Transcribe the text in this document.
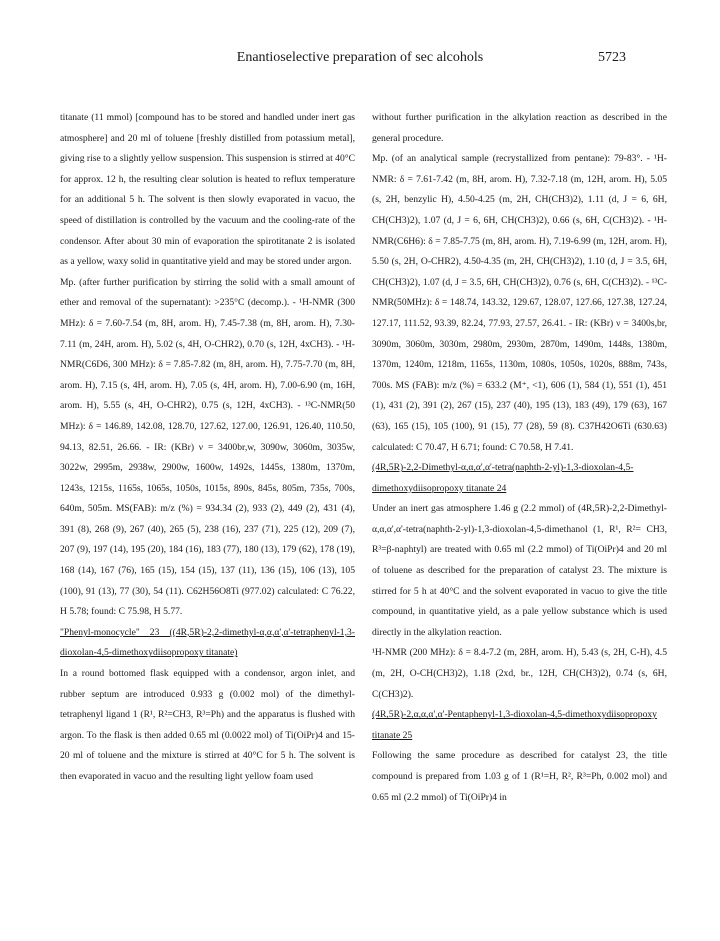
Enantioselective preparation of sec alcohols	5723

titanate (11 mmol) [compound has to be stored and handled under inert gas atmosphere] and 20 ml of toluene [freshly distilled from potassium metal], giving rise to a slightly yellow suspension. This suspension is stirred at 40°C for approx. 12 h, the resulting clear solution is heated to reflux temperature for an additional 5 h. The solvent is then slowly evaporated in vacuo, the speed of distillation is controlled by the vacuum and the cooling-rate of the condensor. After about 30 min of evaporation the spirotitanate 2 is isolated as a yellow, waxy solid in quantitative yield and may be stored under argon.

Mp. (after further purification by stirring the solid with a small amount of ether and removal of the supernatant): >235°C (decomp.). - ¹H-NMR (300 MHz): δ = 7.60-7.54 (m, 8H, arom. H), 7.45-7.38 (m, 8H, arom. H), 7.30-7.11 (m, 24H, arom. H), 5.02 (s, 4H, O-CHR2), 0.70 (s, 12H, 4xCH3). - ¹H-NMR(C6D6, 300 MHz): δ = 7.85-7.82 (m, 8H, arom. H), 7.75-7.70 (m, 8H, arom. H), 7.15 (s, 4H, arom. H), 7.05 (s, 4H, arom. H), 7.00-6.90 (m, 16H, arom. H), 5.55 (s, 4H, O-CHR2), 0.75 (s, 12H, 4xCH3). - ¹³C-NMR(50 MHz): δ = 146.89, 142.08, 128.70, 127.62, 127.00, 126.91, 126.40, 110.50, 94.13, 82.51, 26.66. - IR: (KBr) ν = 3400br,w, 3090w, 3060m, 3035w, 3022w, 2995m, 2938w, 2900w, 1600w, 1492s, 1445s, 1380m, 1370m, 1243s, 1215s, 1165s, 1065s, 1050s, 1015s, 890s, 845s, 805m, 735s, 700s, 640m, 505m. MS(FAB): m/z (%) = 934.34 (2), 933 (2), 449 (2), 431 (4), 391 (8), 268 (9), 267 (40), 265 (5), 238 (16), 237 (71), 225 (12), 209 (7), 207 (9), 197 (14), 195 (20), 184 (16), 183 (77), 180 (13), 179 (62), 178 (19), 168 (14), 167 (76), 165 (15), 154 (15), 137 (11), 136 (15), 106 (13), 105 (100), 91 (13), 77 (30), 54 (11). C62H56O8Ti (977.02) calculated: C 76.22, H 5.78; found: C 75.98, H 5.77.

"Phenyl-monocycle" 23 ((4R,5R)-2,2-dimethyl-α,α,α',α'-tetraphenyl-1,3-dioxolan-4,5-dimethoxydiisopropoxy titanate)

In a round bottomed flask equipped with a condensor, argon inlet, and rubber septum are introduced 0.933 g (0.002 mol) of the dimethyl-tetraphenyl ligand 1 (R¹, R²=CH3, R³=Ph) and the apparatus is flushed with argon. To the flask is then added 0.65 ml (0.0022 mol) of Ti(OiPr)4 and 15-20 ml of toluene and the mixture is stirred at 40°C for 5 h. The solvent is then evaporated in vacuo and the resulting light yellow foam used

without further purification in the alkylation reaction as described in the general procedure.

Mp. (of an analytical sample (recrystallized from pentane): 79-83°. - ¹H-NMR: δ = 7.61-7.42 (m, 8H, arom. H), 7.32-7.18 (m, 12H, arom. H), 5.05 (s, 2H, benzylic H), 4.50-4.25 (m, 2H, CH(CH3)2), 1.11 (d, J = 6, 6H, CH(CH3)2), 1.07 (d, J = 6, 6H, CH(CH3)2), 0.66 (s, 6H, C(CH3)2). - ¹H-NMR(C6H6): δ = 7.85-7.75 (m, 8H, arom. H), 7.19-6.99 (m, 12H, arom. H), 5.50 (s, 2H, O-CHR2), 4.50-4.35 (m, 2H, CH(CH3)2), 1.10 (d, J = 3.5, 6H, CH(CH3)2), 1.07 (d, J = 3.5, 6H, CH(CH3)2), 0.76 (s, 6H, C(CH3)2). - ¹³C-NMR(50MHz): δ = 148.74, 143.32, 129.67, 128.07, 127.66, 127.38, 127.24, 127.17, 111.52, 93.39, 82.24, 77.93, 27.57, 26.41. - IR: (KBr) ν = 3400s,br, 3090m, 3060m, 3030m, 2980m, 2930m, 2870m, 1490m, 1448s, 1380m, 1370m, 1240m, 1218m, 1165s, 1130m, 1080s, 1050s, 1020s, 888m, 743s, 700s. MS (FAB): m/z (%) = 633.2 (M⁺, <1), 606 (1), 584 (1), 551 (1), 451 (1), 431 (2), 391 (2), 267 (15), 237 (40), 195 (13), 183 (49), 179 (63), 167 (63), 165 (15), 105 (100), 91 (15), 77 (28), 59 (8). C37H42O6Ti (630.63) calculated: C 70.47, H 6.71; found: C 70.58, H 7.41.

(4R,5R)-2,2-Dimethyl-α,α,α',α'-tetra(naphth-2-yl)-1,3-dioxolan-4,5-dimethoxydiisopropoxy titanate 24

Under an inert gas atmosphere 1.46 g (2.2 mmol) of (4R,5R)-2,2-Dimethyl-α,α,α',α'-tetra(naphth-2-yl)-1,3-dioxolan-4,5-dimethanol (1, R¹, R²= CH3, R³=β-naphtyl) are treated with 0.65 ml (2.2 mmol) of Ti(OiPr)4 and 20 ml of toluene as described for the preparation of catalyst 23. The mixture is stirred for 5 h at 40°C and the solvent evaporated in vacuo to give the title compound, in quantitative yield, as a pale yellow substance which is used directly in the alkylation reaction.

¹H-NMR (200 MHz): δ = 8.4-7.2 (m, 28H, arom. H), 5.43 (s, 2H, C-H), 4.5 (m, 2H, O-CH(CH3)2), 1.18 (2xd, br., 12H, CH(CH3)2), 0.74 (s, 6H, C(CH3)2).

(4R,5R)-2,α,α,α',α'-Pentaphenyl-1,3-dioxolan-4,5-dimethoxydiisopropoxy titanate 25

Following the same procedure as described for catalyst 23, the title compound is prepared from 1.03 g of 1 (R¹=H, R², R³=Ph, 0.002 mol) and 0.65 ml (2.2 mmol) of Ti(OiPr)4 in
